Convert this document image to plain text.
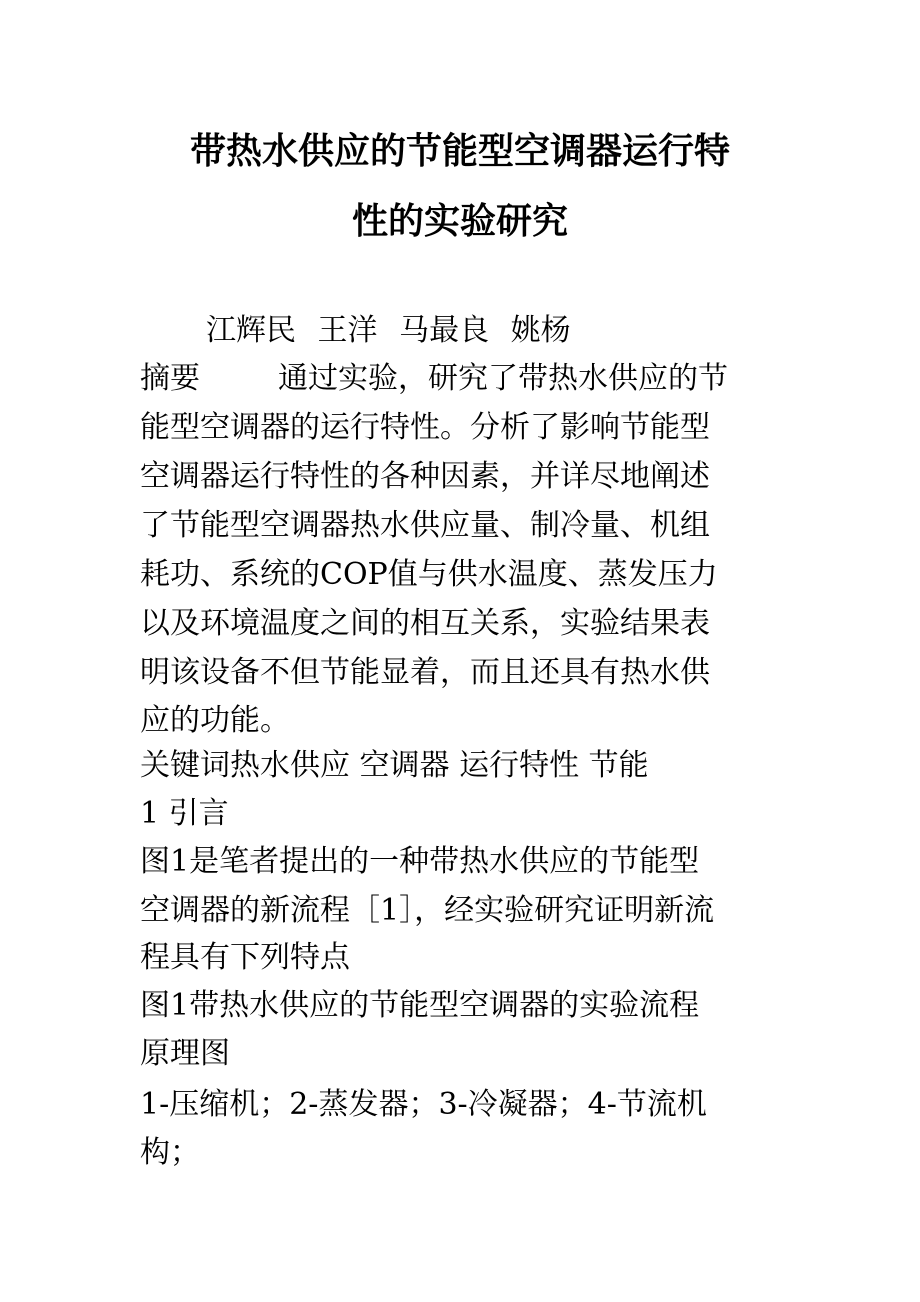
带热水供应的节能型空调器运行特
性的实验研究
江辉民 王洋 马最良 姚杨

摘要	通过实验，研究了带热水供应的节

能型空调器的运行特性。分析了影响节能型

空调器运行特性的各种因素，并详尽地阐述

了节能型空调器热水供应量、制冷量、机组

耗功、系统的COP值与供水温度、蒸发压力

以及环境温度之间的相互关系，实验结果表

明该设备不但节能显着，而且还具有热水供

应的功能。

关键词热水供应 空调器 运行特性 节能

1 引言

图1是笔者提出的一种带热水供应的节能型

空调器的新流程［1］，经实验研究证明新流

程具有下列特点

图1带热水供应的节能型空调器的实验流程

原理图

1-压缩机；2-蒸发器；3-冷凝器；4-节流机

构；
